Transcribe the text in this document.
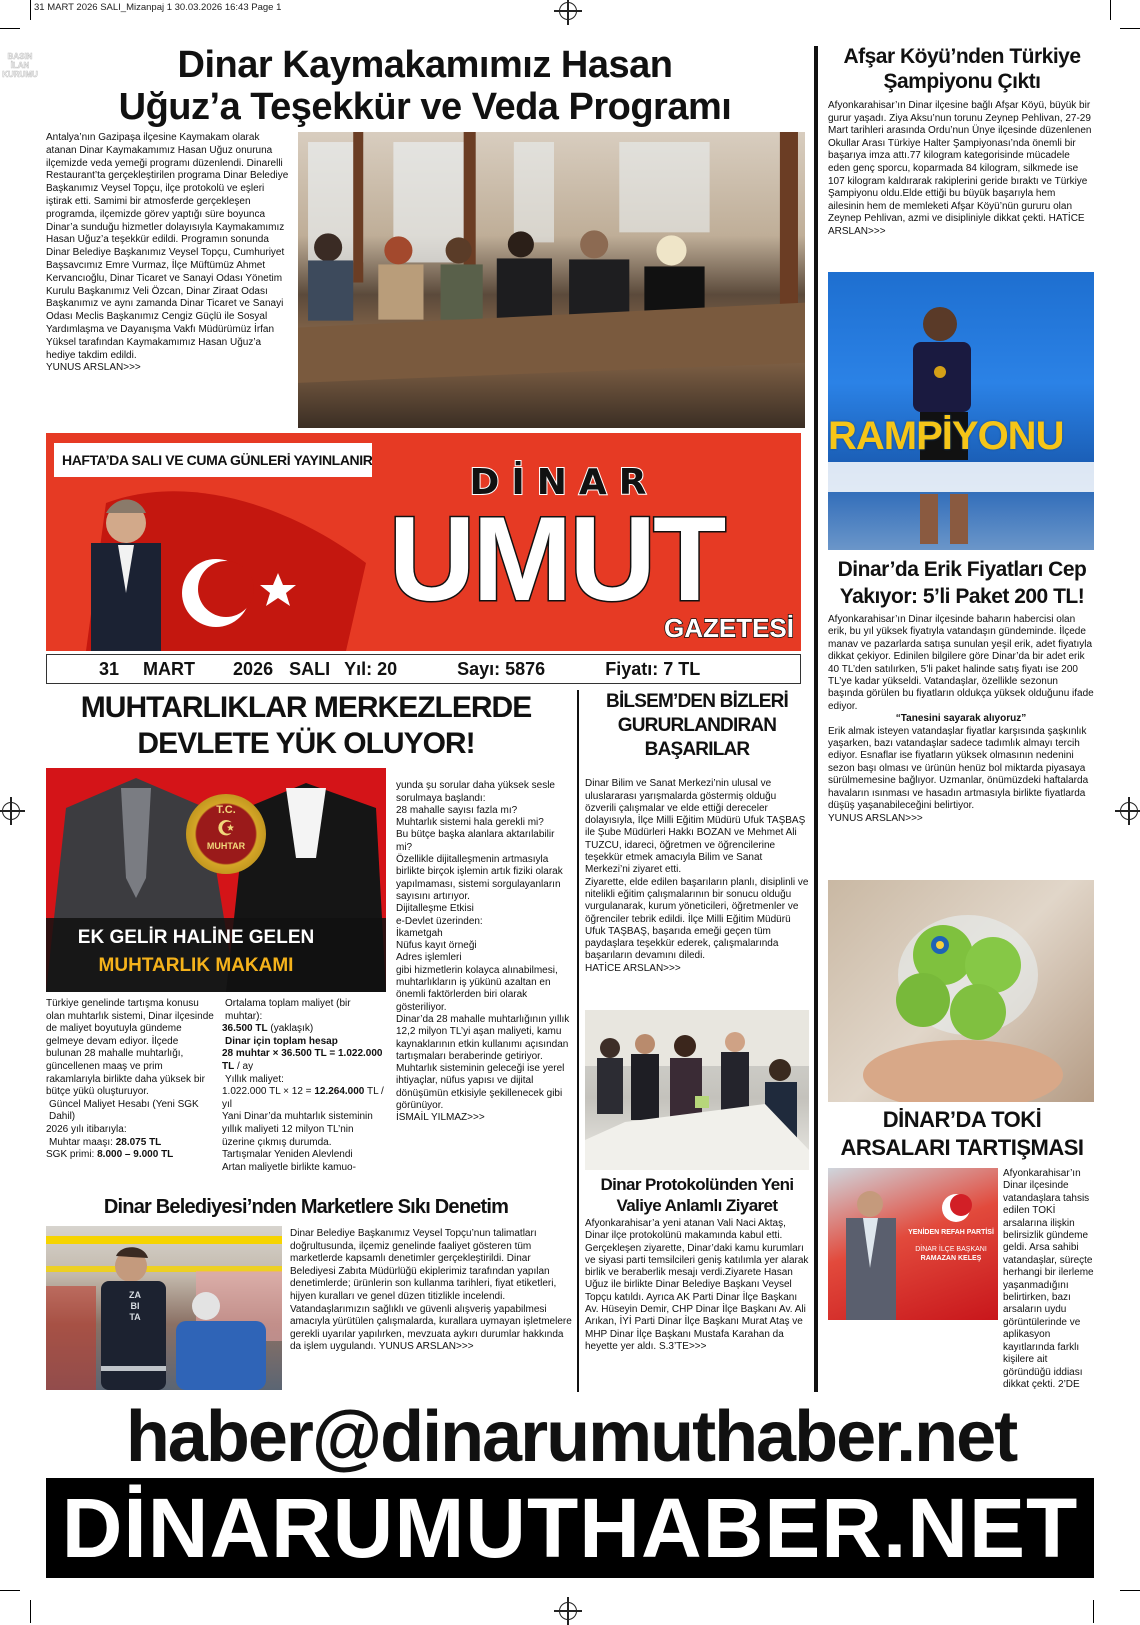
31 MART 2026 SALI_Mizanpaj 1 30.03.2026 16:43 Page 1
Dinar Kaymakamımız Hasan
Uğuz’a Teşekkür ve Veda Programı
Antalya’nın Gazipaşa ilçesine Kaymakam olarak atanan Dinar Kaymakamımız Hasan Uğuz onuruna ilçemizde veda yemeği programı düzenlendi. Dinarelli Restaurant’ta gerçekleştirilen programa Dinar Belediye Başkanımız Veysel Topçu, ilçe protokolü ve eşleri iştirak etti. Samimi bir atmosferde gerçekleşen programda, ilçemizde görev yaptığı süre boyunca Dinar’a sunduğu hizmetler dolayısıyla Kaymakamımız Hasan Uğuz’a teşekkür edildi. Programın sonunda Dinar Belediye Başkanımız Veysel Topçu, Cumhuriyet Başsavcımız Emre Vurmaz, İlçe Müftümüz Ahmet Kervancıoğlu, Dinar Ticaret ve Sanayi Odası Yönetim Kurulu Başkanımız Veli Özcan, Dinar Ziraat Odası Başkanımız ve aynı zamanda Dinar Ticaret ve Sanayi Odası Meclis Başkanımız Cengiz Güçlü ile Sosyal Yardımlaşma ve Dayanışma Vakfı Müdürümüz İrfan Yüksel tarafından Kaymakamımız Hasan Uğuz’a hediye takdim edildi.
YUNUS ARSLAN>>>
HAFTA’DA SALI VE CUMA GÜNLERİ YAYINLANIR
DİNAR
UMUT
GAZETESİ
31 MART 2026 SALI Yıl: 20	Sayı: 5876	Fiyatı: 7 TL
Afşar Köyü’nden Türkiye
Şampiyonu Çıktı
Afyonkarahisar’ın Dinar ilçesine bağlı Afşar Köyü, büyük bir gurur yaşadı. Ziya Aksu’nun torunu Zeynep Pehlivan, 27-29 Mart tarihleri arasında Ordu’nun Ünye ilçesinde düzenlenen Okullar Arası Türkiye Halter Şampiyonası’nda önemli bir başarıya imza attı.77 kilogram kategorisinde mücadele eden genç sporcu, koparmada 84 kilogram, silkmede ise 107 kilogram kaldırarak rakiplerini geride bıraktı ve Türkiye Şampiyonu oldu.Elde ettiği bu büyük başarıyla hem ailesinin hem de memleketi Afşar Köyü’nün gururu olan Zeynep Pehlivan, azmi ve disipliniyle dikkat çekti. HATİCE ARSLAN>>>
RAMPİYONU
Dinar’da Erik Fiyatları Cep
Yakıyor: 5’li Paket 200 TL!

Afyonkarahisar’ın Dinar ilçesinde baharın habercisi olan erik, bu yıl yüksek fiyatıyla vatandaşın gündeminde. İlçede manav ve pazarlarda satışa sunulan yeşil erik, adet fiyatıyla dikkat çekiyor. Edinilen bilgilere göre Dinar’da bir adet erik 40 TL’den satılırken, 5’li paket halinde satış fiyatı ise 200 TL’ye kadar yükseldi. Vatandaşlar, özellikle sezonun başında görülen bu fiyatların oldukça yüksek olduğunu ifade ediyor.

“Tanesini sayarak alıyoruz”

Erik almak isteyen vatandaşlar fiyatlar karşısında şaşkınlık yaşarken, bazı vatandaşlar sadece tadımlık almayı tercih ediyor. Esnaflar ise fiyatların yüksek olmasının nedenini sezon başı olması ve ürünün henüz bol miktarda piyasaya sürülmemesine bağlıyor. Uzmanlar, önümüzdeki haftalarda havaların ısınması ve hasadın artmasıyla birlikte fiyatlarda düşüş yaşanabileceğini belirtiyor.

YUNUS ARSLAN>>>

DİNAR’DA TOKİ
ARSALARI TARTIŞMASI
YENİDEN REFAH PARTİSİ
DİNAR İLÇE BAŞKANI
RAMAZAN KELEŞ
Afyonkarahisar’ın Dinar ilçesinde vatandaşlara tahsis edilen TOKİ arsalarına ilişkin belirsizlik gündeme geldi. Arsa sahibi vatandaşlar, süreçte herhangi bir ilerleme yaşanmadığını belirtirken, bazı arsaların uydu görüntülerinde ve aplikasyon kayıtlarında farklı kişilere ait göründüğü iddiası dikkat çekti. 2’DE
MUHTARLIKLAR MERKEZLERDE
DEVLETE YÜK OLUYOR!
T.C.
☪
MUHTAR
EK GELİR HALİNE GELEN
MUHTARLIK MAKAMI

Türkiye genelinde tartışma konusu olan muhtarlık sistemi, Dinar ilçesinde de maliyet boyutuyla gündeme gelmeye devam ediyor. İlçede bulunan 28 mahalle muhtarlığı, güncellenen maaş ve prim rakamlarıyla birlikte daha yüksek bir bütçe yükü oluşturuyor.

Güncel Maliyet Hesabı (Yeni SGK Dahil)

2026 yılı itibarıyla:

Muhtar maaşı: 28.075 TL

SGK primi: 8.000 – 9.000 TL

Ortalama toplam maliyet (bir muhtar):

36.500 TL (yaklaşık)

Dinar için toplam hesap

28 muhtar × 36.500 TL = 1.022.000 TL / ay

Yıllık maliyet:

1.022.000 TL × 12 = 12.264.000 TL / yıl

Yani Dinar’da muhtarlık sisteminin yıllık maliyeti 12 milyon TL’nin üzerine çıkmış durumda.

Tartışmalar Yeniden Alevlendi

Artan maliyetle birlikte kamuo-

yunda şu sorular daha yüksek sesle sorulmaya başlandı:
28 mahalle sayısı fazla mı?
Muhtarlık sistemi hala gerekli mi?
Bu bütçe başka alanlara aktarılabilir mi?
Özellikle dijitalleşmenin artmasıyla birlikte birçok işlemin artık fiziki olarak yapılmaması, sistemi sorgulayanların sayısını artırıyor.
Dijitalleşme Etkisi
e-Devlet üzerinden:
İkametgah
Nüfus kayıt örneği
Adres işlemleri
gibi hizmetlerin kolayca alınabilmesi, muhtarlıkların iş yükünü azaltan en önemli faktörlerden biri olarak gösteriliyor.
Dinar’da 28 mahalle muhtarlığının yıllık 12,2 milyon TL’yi aşan maliyeti, kamu kaynaklarının etkin kullanımı açısından tartışmaları beraberinde getiriyor.
Muhtarlık sisteminin geleceği ise yerel ihtiyaçlar, nüfus yapısı ve dijital dönüşümün etkisiyle şekillenecek gibi görünüyor.

İSMAİL YILMAZ>>>

BİLSEM’DEN BİZLERİ
GURURLANDIRAN
BAŞARILAR

Dinar Bilim ve Sanat Merkezi’nin ulusal ve uluslararası yarışmalarda göstermiş olduğu özverili çalışmalar ve elde ettiği dereceler dolayısıyla, İlçe Milli Eğitim Müdürü Ufuk TAŞBAŞ ile Şube Müdürleri Hakkı BOZAN ve Mehmet Ali TUZCU, idareci, öğretmen ve öğrencilerine teşekkür etmek amacıyla Bilim ve Sanat Merkezi’ni ziyaret etti.
Ziyarette, elde edilen başarıların planlı, disiplinli ve nitelikli eğitim çalışmalarının bir sonucu olduğu vurgulanarak, kurum yöneticileri, öğretmenler ve öğrenciler tebrik edildi. İlçe Milli Eğitim Müdürü Ufuk TAŞBAŞ, başarıda emeği geçen tüm paydaşlara teşekkür ederek, çalışmalarında başarıların devamını diledi.
HATİCE ARSLAN>>>

Dinar Protokolünden Yeni
Valiye Anlamlı Ziyaret
Afyonkarahisar’a yeni atanan Vali Naci Aktaş, Dinar ilçe protokolünü makamında kabul etti. Gerçekleşen ziyarette, Dinar’daki kamu kurumları ve siyasi parti temsilcileri geniş katılımla yer alarak birlik ve beraberlik mesajı verdi.Ziyarete Hasan Uğuz ile birlikte Dinar Belediye Başkanı Veysel Topçu katıldı. Ayrıca AK Parti Dinar İlçe Başkanı Av. Hüseyin Demir, CHP Dinar İlçe Başkanı Av. Ali Arıkan, İYİ Parti Dinar İlçe Başkanı Murat Ataş ve MHP Dinar İlçe Başkanı Mustafa Karahan da heyette yer aldı. S.3’TE>>>
Dinar Belediyesi’nden Marketlere Sıkı Denetim
ZABITA
Dinar Belediye Başkanımız Veysel Topçu’nun talimatları doğrultusunda, ilçemiz genelinde faaliyet gösteren tüm marketlerde kapsamlı denetimler gerçekleştirildi. Dinar Belediyesi Zabıta Müdürlüğü ekiplerimiz tarafından yapılan denetimlerde; ürünlerin son kullanma tarihleri, fiyat etiketleri, hijyen kuralları ve genel düzen titizlikle incelendi. Vatandaşlarımızın sağlıklı ve güvenli alışveriş yapabilmesi amacıyla yürütülen çalışmalarda, kurallara uymayan işletmelere gerekli uyarılar yapılırken, mevzuata aykırı durumlar hakkında da işlem uygulandı. YUNUS ARSLAN>>>
haber@dinarumuthaber.net
DİNARUMUTHABER.NET
BASIN İLAN
KURUMU
